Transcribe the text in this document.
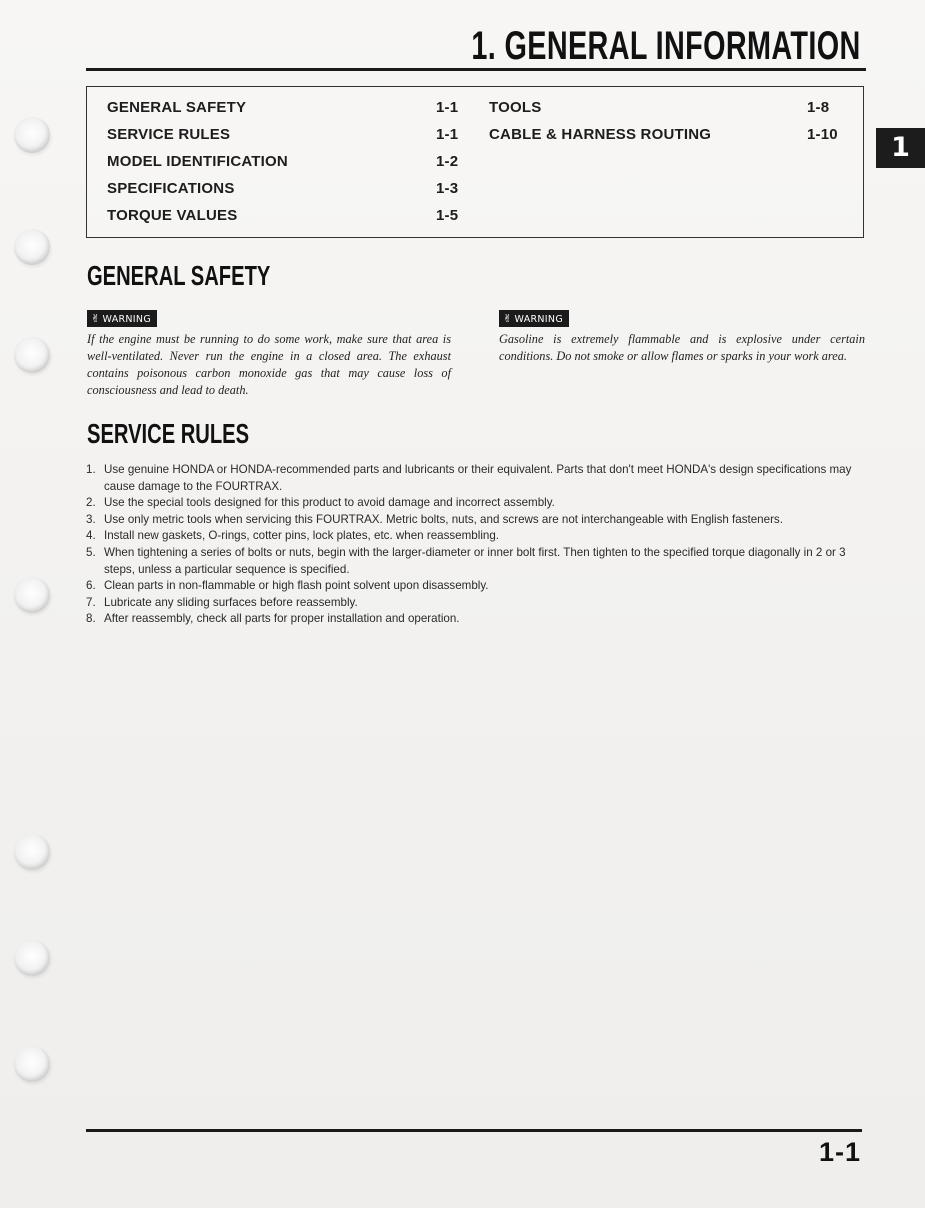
1. GENERAL INFORMATION
1
GENERAL SAFETY	1-1
SERVICE RULES	1-1
MODEL IDENTIFICATION	1-2
SPECIFICATIONS	1-3
TORQUE VALUES	1-5
TOOLS	1-8
CABLE & HARNESS ROUTING	1-10
GENERAL SAFETY
✌ WARNING

If the engine must be running to do some work, make sure that area is well-ventilated. Never run the engine in a closed area. The exhaust contains poisonous carbon monoxide gas that may cause loss of consciousness and lead to death.

✌ WARNING

Gasoline is extremely flammable and is explosive under certain conditions. Do not smoke or allow flames or sparks in your work area.

SERVICE RULES
1. Use genuine HONDA or HONDA-recommended parts and lubricants or their equivalent. Parts that don't meet HONDA's design specifications may cause damage to the FOURTRAX.
2. Use the special tools designed for this product to avoid damage and incorrect assembly.
3. Use only metric tools when servicing this FOURTRAX. Metric bolts, nuts, and screws are not interchangeable with English fasteners.
4. Install new gaskets, O-rings, cotter pins, lock plates, etc. when reassembling.
5. When tightening a series of bolts or nuts, begin with the larger-diameter or inner bolt first. Then tighten to the specified torque diagonally in 2 or 3 steps, unless a particular sequence is specified.
6. Clean parts in non-flammable or high flash point solvent upon disassembly.
7. Lubricate any sliding surfaces before reassembly.
8. After reassembly, check all parts for proper installation and operation.
1-1
